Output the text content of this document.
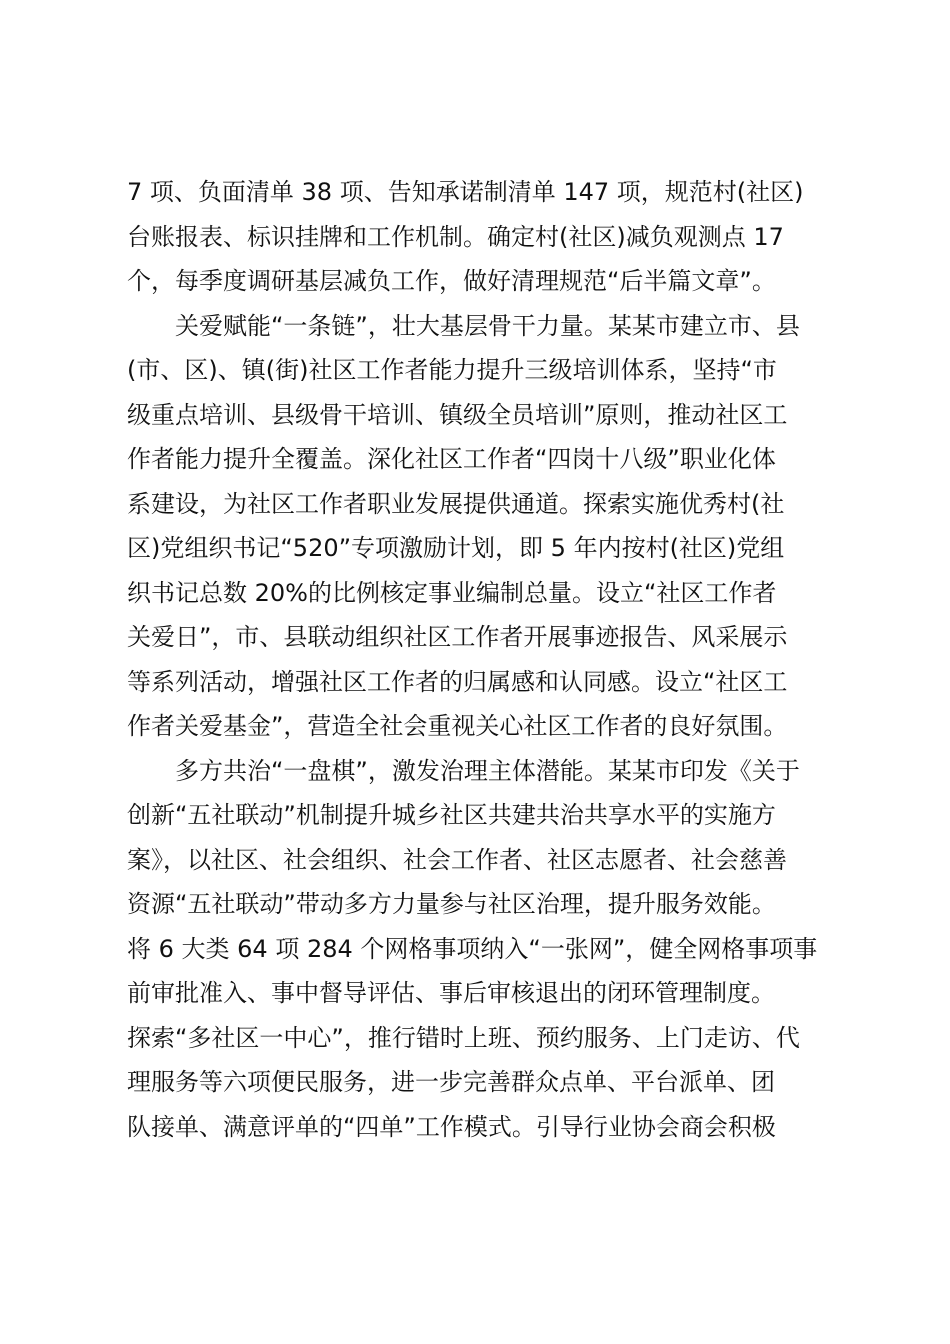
7 项、负面清单 38 项、告知承诺制清单 147 项，规范村(社区)
台账报表、标识挂牌和工作机制。确定村(社区)减负观测点 17
个，每季度调研基层减负工作，做好清理规范“后半篇文章”。
　　关爱赋能“一条链”，壮大基层骨干力量。某某市建立市、县
(市、区)、镇(街)社区工作者能力提升三级培训体系，坚持“市
级重点培训、县级骨干培训、镇级全员培训”原则，推动社区工
作者能力提升全覆盖。深化社区工作者“四岗十八级”职业化体
系建设，为社区工作者职业发展提供通道。探索实施优秀村(社
区)党组织书记“520”专项激励计划，即 5 年内按村(社区)党组
织书记总数 20%的比例核定事业编制总量。设立“社区工作者
关爱日”，市、县联动组织社区工作者开展事迹报告、风采展示
等系列活动，增强社区工作者的归属感和认同感。设立“社区工
作者关爱基金”，营造全社会重视关心社区工作者的良好氛围。
　　多方共治“一盘棋”，激发治理主体潜能。某某市印发《关于
创新“五社联动”机制提升城乡社区共建共治共享水平的实施方
案》，以社区、社会组织、社会工作者、社区志愿者、社会慈善
资源“五社联动”带动多方力量参与社区治理，提升服务效能。
将 6 大类 64 项 284 个网格事项纳入“一张网”，健全网格事项事
前审批准入、事中督导评估、事后审核退出的闭环管理制度。
探索“多社区一中心”，推行错时上班、预约服务、上门走访、代
理服务等六项便民服务，进一步完善群众点单、平台派单、团
队接单、满意评单的“四单”工作模式。引导行业协会商会积极
